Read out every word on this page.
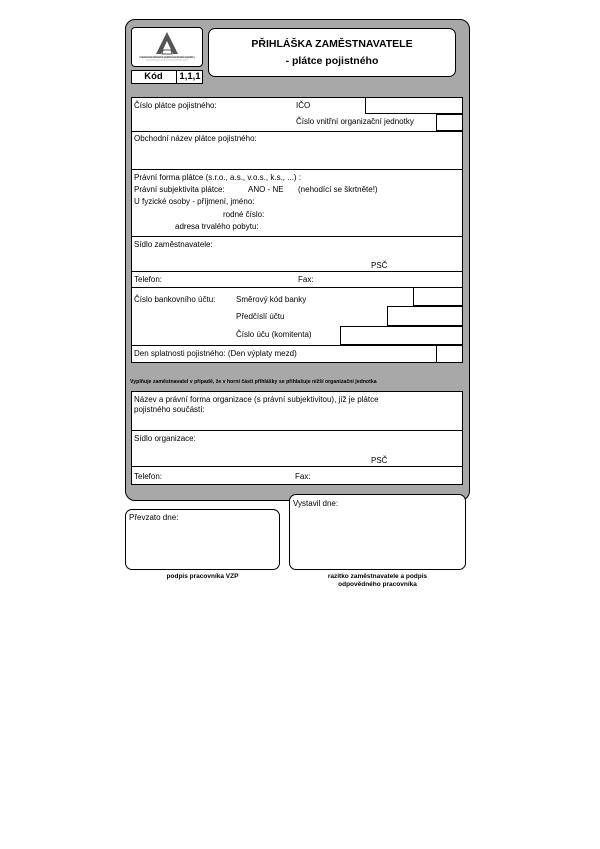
Všeobecná zdravotní pojišťovna České republiky
PŘIHLÁŠKA ZAMĚSTNAVATELE
- plátce pojistného
Kód	1,1,1
Číslo plátce pojistného:	IČO
Číslo vnitřní organizační jednotky
Obchodní název plátce pojistného:
Právní forma plátce (s.r.o., a.s., v.o.s., k.s., ...) :
Právní subjektivita plátce:	ANO - NE (nehodící se škrtněte!)
U fyzické osoby - příjmení, jméno:
rodné číslo:
adresa trvalého pobytu:
Sídlo zaměstnavatele:
PSČ
Telefon:	Fax:
Číslo bankovního účtu:	Směrový kód banky
Předčíslí účtu
Číslo úču (komitenta)
Den splatnosti pojistného: (Den výplaty mezd)
Vyplňuje zaměstnavatel v případě, že v horní části přihlášky se přihlašuje nižší organizační jednotka
Název a právní forma organizace (s právní subjektivitou), jíž je plátce
pojistného součástí:
Sídlo organizace:
PSČ
Telefon:	Fax:
Převzato dne:
Vystavil dne:
podpis pracovníka VZP	razítko zaměstnavatele a podpis
odpovědného pracovníka
